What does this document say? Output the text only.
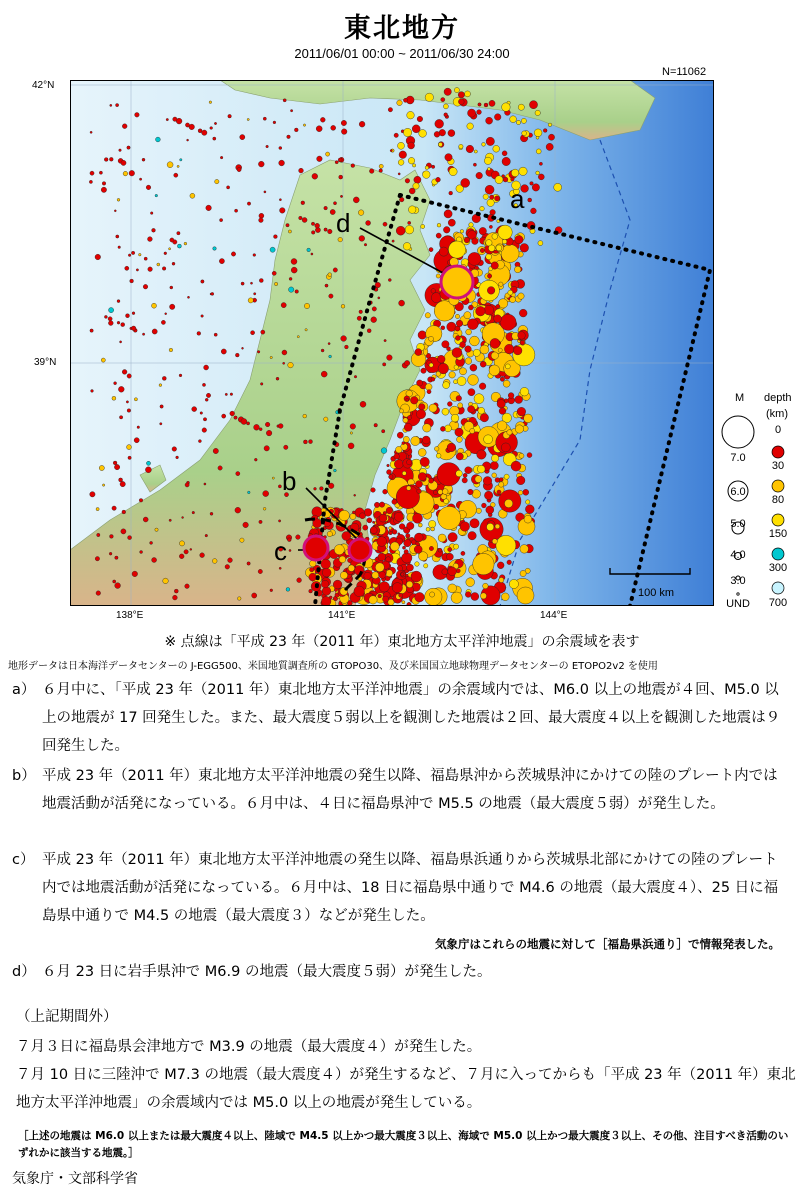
東北地方
2011/06/01 00:00 ~ 2011/06/30 24:00
N=11062
a
b
c
d
100 km
42°N
39°N
138°E	141°E	144°E
M depth
(km)
7.0
6.0
5.0
4.0
3.0
UND
0
30
80
150
300
700
※ 点線は「平成 23 年（2011 年）東北地方太平洋沖地震」の余震域を表す
地形データは日本海洋データセンターの J-EGG500、米国地質調査所の GTOPO30、及び米国国立地球物理データセンターの ETOPO2v2 を使用
a） ６月中に、「平成 23 年（2011 年）東北地方太平洋沖地震」の余震域内では、M6.0 以上の地震が４回、M5.0 以上の地震が 17 回発生した。また、最大震度５弱以上を観測した地震は２回、最大震度４以上を観測した地震は９回発生した。
b） 平成 23 年（2011 年）東北地方太平洋沖地震の発生以降、福島県沖から茨城県沖にかけての陸のプレート内では地震活動が活発になっている。６月中は、４日に福島県沖で M5.5 の地震（最大震度５弱）が発生した。
c） 平成 23 年（2011 年）東北地方太平洋沖地震の発生以降、福島県浜通りから茨城県北部にかけての陸のプレート内では地震活動が活発になっている。６月中は、18 日に福島県中通りで M4.6 の地震（最大震度４）、25 日に福島県中通りで M4.5 の地震（最大震度３）などが発生した。
気象庁はこれらの地震に対して［福島県浜通り］で情報発表した。
d） ６月 23 日に岩手県沖で M6.9 の地震（最大震度５弱）が発生した。
（上記期間外）
７月３日に福島県会津地方で M3.9 の地震（最大震度４）が発生した。
７月 10 日に三陸沖で M7.3 の地震（最大震度４）が発生するなど、７月に入ってからも「平成 23 年（2011 年）東北地方太平洋沖地震」の余震域内では M5.0 以上の地震が発生している。
［上述の地震は M6.0 以上または最大震度４以上、陸域で M4.5 以上かつ最大震度３以上、海域で M5.0 以上かつ最大震度３以上、その他、注目すべき活動のいずれかに該当する地震。］
気象庁・文部科学省
